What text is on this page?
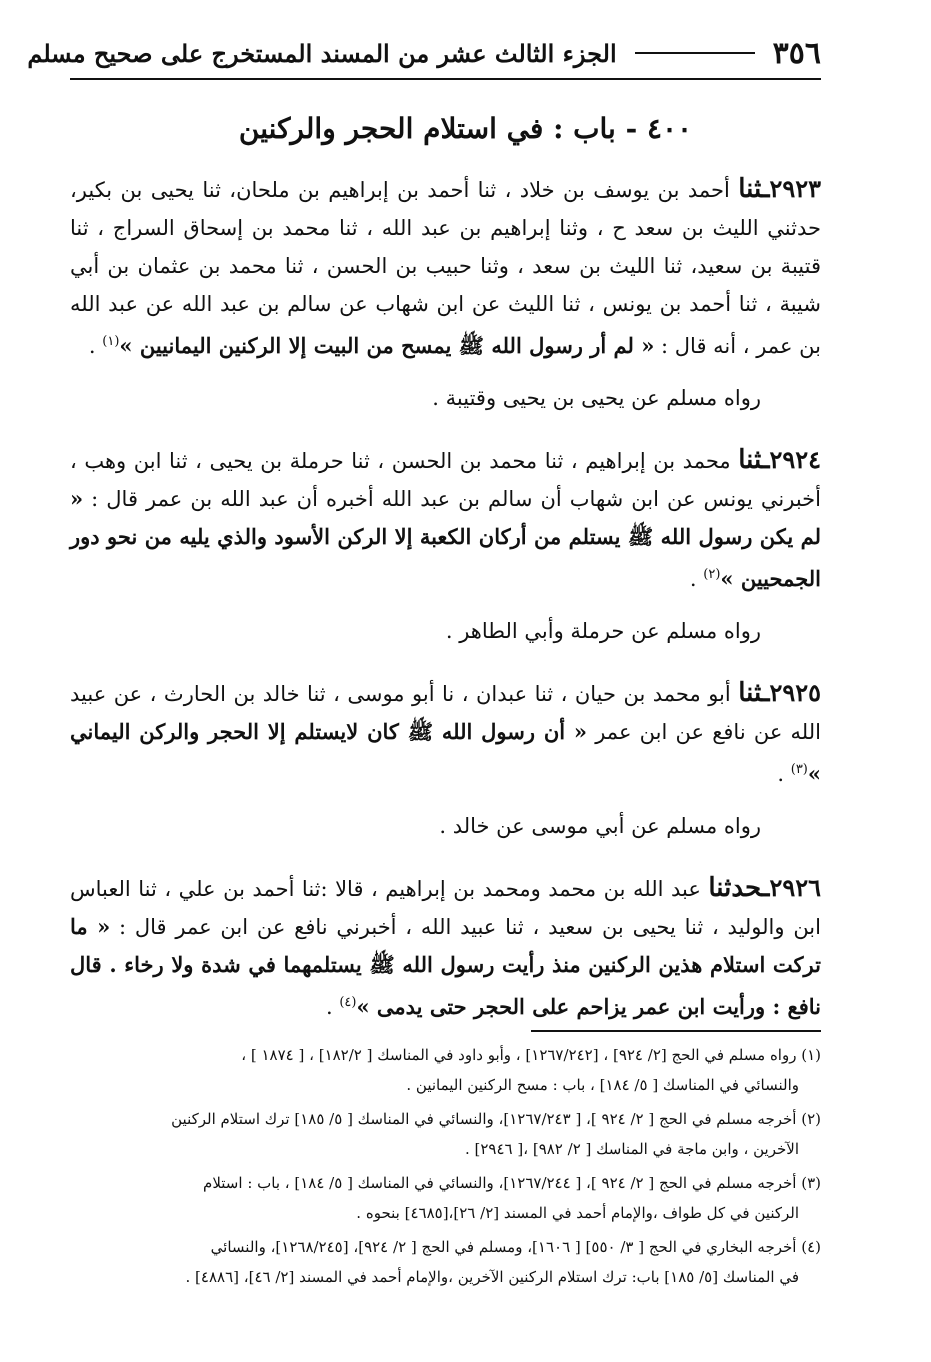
٣٥٦
الجزء الثالث عشر من المسند المستخرج على صحيح مسلم
٤٠٠ - باب : في استلام الحجر والركنين

٢٩٢٣ـثنا أحمد بن يوسف بن خلاد ، ثنا أحمد بن إبراهيم بن ملحان، ثنا يحيى بن بكير، حدثني الليث بن سعد ح ، وثنا إبراهيم بن عبد الله ، ثنا محمد بن إسحاق السراج ، ثنا قتيبة بن سعيد، ثنا الليث بن سعد ، وثنا حبيب بن الحسن ، ثنا محمد بن عثمان بن أبي شيبة ، ثنا أحمد بن يونس ، ثنا الليث عن ابن شهاب عن سالم بن عبد الله عن عبد الله بن عمر ، أنه قال : « لم أر رسول الله ﷺ يمسح من البيت إلا الركنين اليمانيين »$^{(١)}$ .

رواه مسلم عن يحيى بن يحيى وقتيبة .

٢٩٢٤ـثنا محمد بن إبراهيم ، ثنا محمد بن الحسن ، ثنا حرملة بن يحيى ، ثنا ابن وهب ، أخبرني يونس عن ابن شهاب أن سالم بن عبد الله أخبره أن عبد الله بن عمر قال : « لم يكن رسول الله ﷺ يستلم من أركان الكعبة إلا الركن الأسود والذي يليه من نحو دور الجمحيين »$^{(٢)}$ .

رواه مسلم عن حرملة وأبي الطاهر .

٢٩٢٥ـثنا أبو محمد بن حيان ، ثنا عبدان ، نا أبو موسى ، ثنا خالد بن الحارث ، عن عبيد الله عن نافع عن ابن عمر « أن رسول الله ﷺ كان لايستلم إلا الحجر والركن اليماني »$^{(٣)}$ .

رواه مسلم عن أبي موسى عن خالد .

٢٩٢٦ـحدثنا عبد الله بن محمد ومحمد بن إبراهيم ، قالا :ثنا أحمد بن علي ، ثنا العباس ابن والوليد ، ثنا يحيى بن سعيد ، ثنا عبيد الله ، أخبرني نافع عن ابن عمر قال : « ما تركت استلام هذين الركنين منذ رأيت رسول الله ﷺ يستلمهما في شدة ولا رخاء . قال نافع : ورأيت ابن عمر يزاحم على الحجر حتى يدمى »$^{(٤)}$ .

(١) رواه مسلم في الحج [٢/ ٩٢٤] ، [١٢٦٧/٢٤٢] ، وأبو داود في المناسك [ ١٨٢/٢] ، [ ١٨٧٤ ] ،
والنسائي في المناسك [ ٥/ ١٨٤] ، باب : مسح الركنين اليمانين .
(٢) أخرجه مسلم في الحج [ ٢/ ٩٢٤ ]، [ ١٢٦٧/٢٤٣]، والنسائي في المناسك [ ٥/ ١٨٥] ترك استلام الركنين
الآخرين ، وابن ماجة في المناسك [ ٢/ ٩٨٢] ،[ ٢٩٤٦] .
(٣) أخرجه مسلم في الحج [ ٢/ ٩٢٤ ]، [ ١٢٦٧/٢٤٤]، والنسائي في المناسك [ ٥/ ١٨٤] ، باب : استلام
الركنين في كل طواف ،والإمام أحمد في المسند [٢/ ٢٦]،[٤٦٨٥] بنحوه .
(٤) أخرجه البخاري في الحج [ ٣/ ٥٥٠] [ ١٦٠٦]، ومسلم في الحج [ ٢/ ٩٢٤]، [١٢٦٨/٢٤٥]، والنسائي
في المناسك [٥/ ١٨٥] باب: ترك استلام الركنين الآخرين ،والإمام أحمد في المسند [٢/ ٤٦]، [٤٨٨٦] .
